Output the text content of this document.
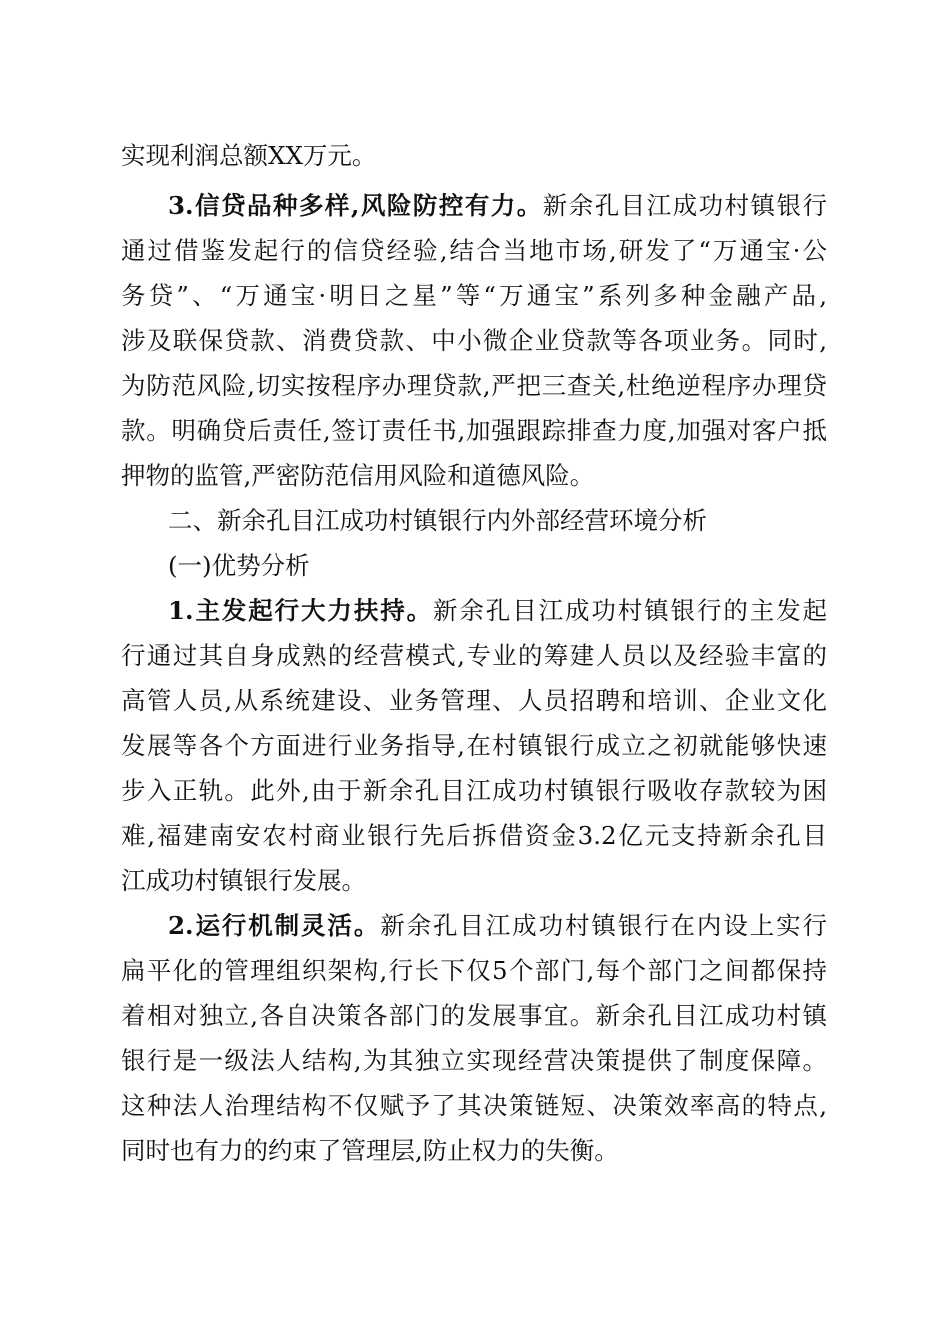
实现利润总额XX万元。
3.信贷品种多样,风险防控有力。新余孔目江成功村镇银行
通过借鉴发起行的信贷经验,结合当地市场,研发了“万通宝·公
务贷”、“万通宝·明日之星”等“万通宝”系列多种金融产品,
涉及联保贷款、消费贷款、中小微企业贷款等各项业务。同时,
为防范风险,切实按程序办理贷款,严把三查关,杜绝逆程序办理贷
款。明确贷后责任,签订责任书,加强跟踪排查力度,加强对客户抵
押物的监管,严密防范信用风险和道德风险。
二、新余孔目江成功村镇银行内外部经营环境分析
(一)优势分析
1.主发起行大力扶持。新余孔目江成功村镇银行的主发起
行通过其自身成熟的经营模式,专业的筹建人员以及经验丰富的
高管人员,从系统建设、业务管理、人员招聘和培训、企业文化
发展等各个方面进行业务指导,在村镇银行成立之初就能够快速
步入正轨。此外,由于新余孔目江成功村镇银行吸收存款较为困
难,福建南安农村商业银行先后拆借资金3.2亿元支持新余孔目
江成功村镇银行发展。
2.运行机制灵活。新余孔目江成功村镇银行在内设上实行
扁平化的管理组织架构,行长下仅5个部门,每个部门之间都保持
着相对独立,各自决策各部门的发展事宜。新余孔目江成功村镇
银行是一级法人结构,为其独立实现经营决策提供了制度保障。
这种法人治理结构不仅赋予了其决策链短、决策效率高的特点,
同时也有力的约束了管理层,防止权力的失衡。
